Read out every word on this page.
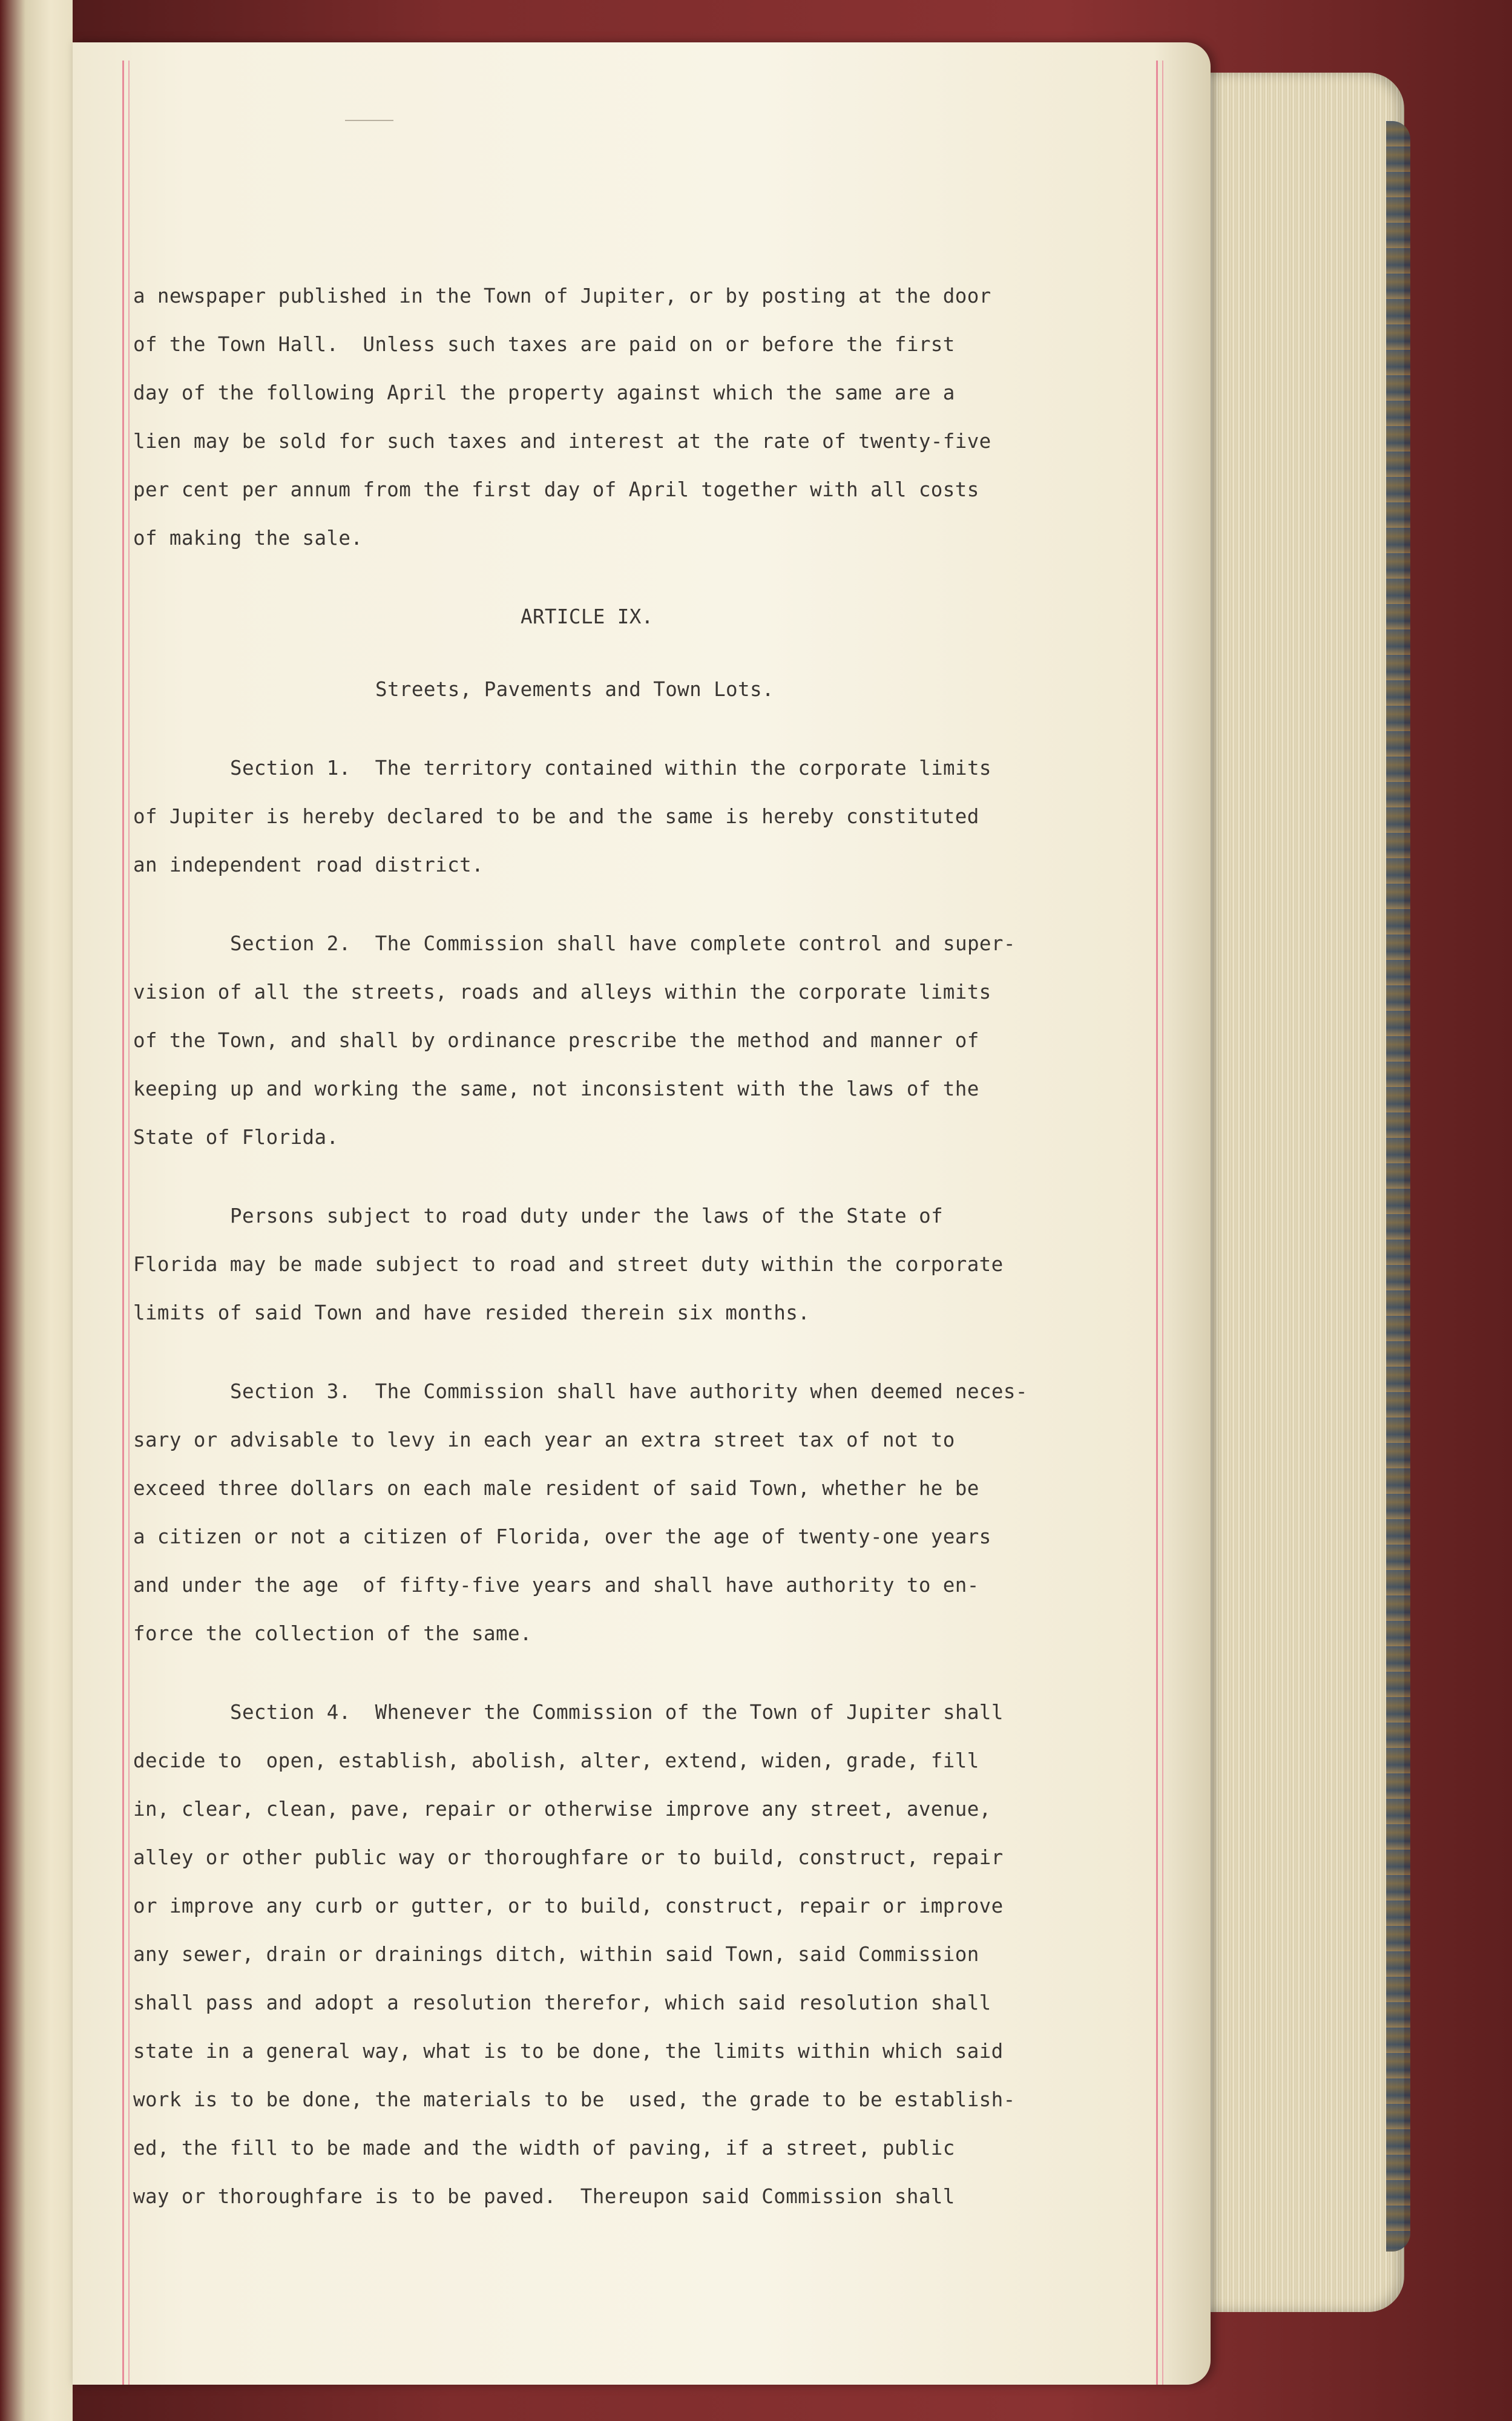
a newspaper published in the Town of Jupiter, or by posting at the door
of the Town Hall.  Unless such taxes are paid on or before the first
day of the following April the property against which the same are a
lien may be sold for such taxes and interest at the rate of twenty-five
per cent per annum from the first day of April together with all costs
of making the sale.
ARTICLE IX.
Streets, Pavements and Town Lots.
Section 1.  The territory contained within the corporate limits
of Jupiter is hereby declared to be and the same is hereby constituted
an independent road district.
Section 2.  The Commission shall have complete control and super-
vision of all the streets, roads and alleys within the corporate limits
of the Town, and shall by ordinance prescribe the method and manner of
keeping up and working the same, not inconsistent with the laws of the
State of Florida.
Persons subject to road duty under the laws of the State of
Florida may be made subject to road and street duty within the corporate
limits of said Town and have resided therein six months.
Section 3.  The Commission shall have authority when deemed neces-
sary or advisable to levy in each year an extra street tax of not to
exceed three dollars on each male resident of said Town, whether he be
a citizen or not a citizen of Florida, over the age of twenty-one years
and under the age  of fifty-five years and shall have authority to en-
force the collection of the same.
Section 4.  Whenever the Commission of the Town of Jupiter shall
decide to  open, establish, abolish, alter, extend, widen, grade, fill
in, clear, clean, pave, repair or otherwise improve any street, avenue,
alley or other public way or thoroughfare or to build, construct, repair
or improve any curb or gutter, or to build, construct, repair or improve
any sewer, drain or drainings ditch, within said Town, said Commission
shall pass and adopt a resolution therefor, which said resolution shall
state in a general way, what is to be done, the limits within which said
work is to be done, the materials to be  used, the grade to be establish-
ed, the fill to be made and the width of paving, if a street, public
way or thoroughfare is to be paved.  Thereupon said Commission shall
